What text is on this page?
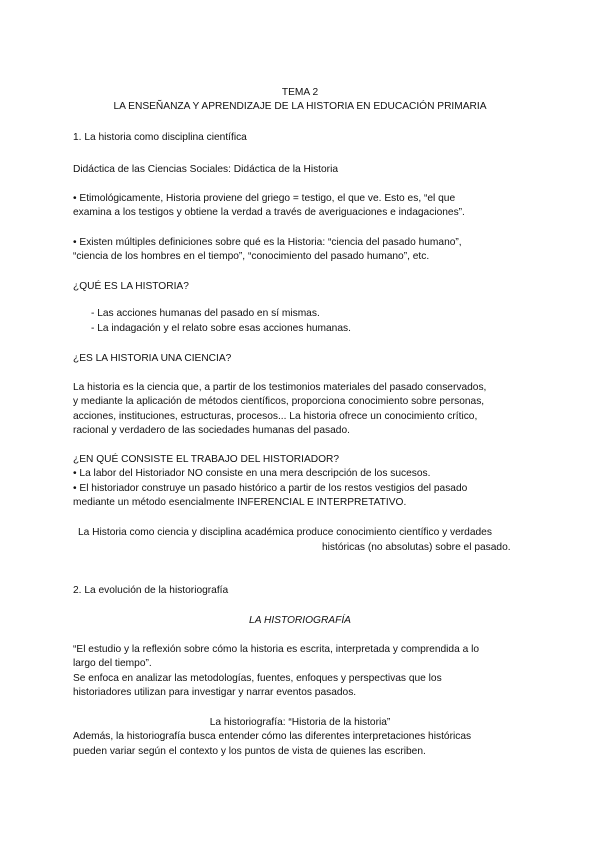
TEMA 2
LA ENSEÑANZA Y APRENDIZAJE DE LA HISTORIA EN EDUCACIÓN PRIMARIA
1. La historia como disciplina científica
Didáctica de las Ciencias Sociales: Didáctica de la Historia
• Etimológicamente, Historia proviene del griego = testigo, el que ve. Esto es, “el que
examina a los testigos y obtiene la verdad a través de averiguaciones e indagaciones”.
• Existen múltiples definiciones sobre qué es la Historia: “ciencia del pasado humano”,
“ciencia de los hombres en el tiempo”, “conocimiento del pasado humano”, etc.
¿QUÉ ES LA HISTORIA?
- Las acciones humanas del pasado en sí mismas.
- La indagación y el relato sobre esas acciones humanas.
¿ES LA HISTORIA UNA CIENCIA?
La historia es la ciencia que, a partir de los testimonios materiales del pasado conservados,
y mediante la aplicación de métodos científicos, proporciona conocimiento sobre personas,
acciones, instituciones, estructuras, procesos... La historia ofrece un conocimiento crítico,
racional y verdadero de las sociedades humanas del pasado.
¿EN QUÉ CONSISTE EL TRABAJO DEL HISTORIADOR?
• La labor del Historiador NO consiste en una mera descripción de los sucesos.
• El historiador construye un pasado histórico a partir de los restos vestigios del pasado
mediante un método esencialmente INFERENCIAL E INTERPRETATIVO.
La Historia como ciencia y disciplina académica produce conocimiento científico y verdades
históricas (no absolutas) sobre el pasado.
2. La evolución de la historiografía
LA HISTORIOGRAFÍA
“El estudio y la reflexión sobre cómo la historia es escrita, interpretada y comprendida a lo
largo del tiempo”.
Se enfoca en analizar las metodologías, fuentes, enfoques y perspectivas que los
historiadores utilizan para investigar y narrar eventos pasados.
La historiografía: “Historia de la historia”
Además, la historiografía busca entender cómo las diferentes interpretaciones históricas
pueden variar según el contexto y los puntos de vista de quienes las escriben.
